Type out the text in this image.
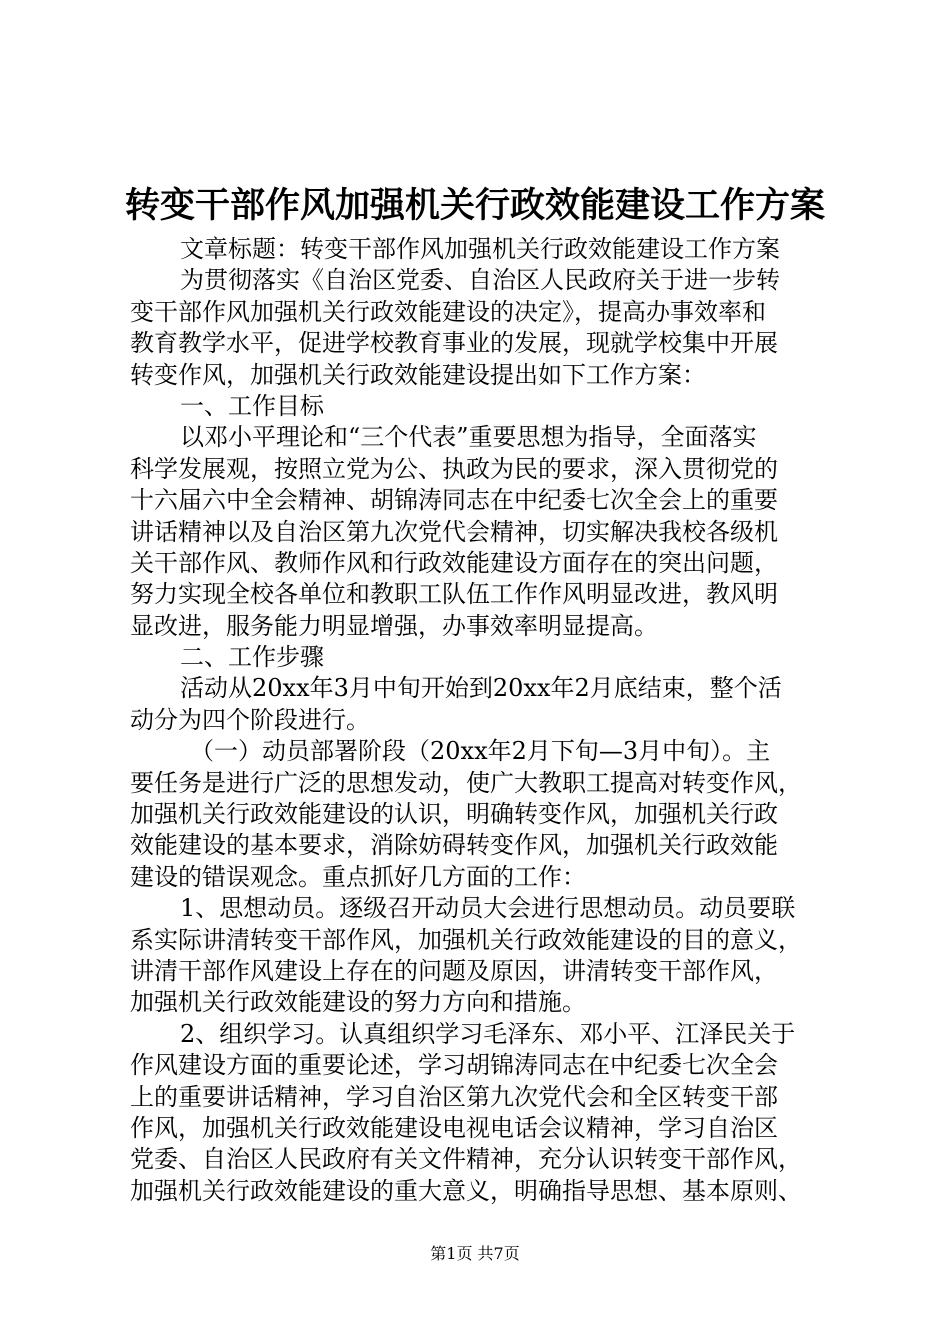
转变干部作风加强机关行政效能建设工作方案
文章标题：转变干部作风加强机关行政效能建设工作方案
为贯彻落实《自治区党委、自治区人民政府关于进一步转
变干部作风加强机关行政效能建设的决定》，提高办事效率和
教育教学水平，促进学校教育事业的发展，现就学校集中开展
转变作风，加强机关行政效能建设提出如下工作方案：
一、工作目标
以邓小平理论和“三个代表”重要思想为指导，全面落实
科学发展观，按照立党为公、执政为民的要求，深入贯彻党的
十六届六中全会精神、胡锦涛同志在中纪委七次全会上的重要
讲话精神以及自治区第九次党代会精神，切实解决我校各级机
关干部作风、教师作风和行政效能建设方面存在的突出问题，
努力实现全校各单位和教职工队伍工作作风明显改进，教风明
显改进，服务能力明显增强，办事效率明显提高。
二、工作步骤
活动从20xx年3月中旬开始到20xx年2月底结束，整个活
动分为四个阶段进行。
（一）动员部署阶段（20xx年2月下旬—3月中旬）。主
要任务是进行广泛的思想发动，使广大教职工提高对转变作风，
加强机关行政效能建设的认识，明确转变作风，加强机关行政
效能建设的基本要求，消除妨碍转变作风，加强机关行政效能
建设的错误观念。重点抓好几方面的工作：
1、思想动员。逐级召开动员大会进行思想动员。动员要联
系实际讲清转变干部作风，加强机关行政效能建设的目的意义，
讲清干部作风建设上存在的问题及原因，讲清转变干部作风，
加强机关行政效能建设的努力方向和措施。
2、组织学习。认真组织学习毛泽东、邓小平、江泽民关于
作风建设方面的重要论述，学习胡锦涛同志在中纪委七次全会
上的重要讲话精神，学习自治区第九次党代会和全区转变干部
作风，加强机关行政效能建设电视电话会议精神，学习自治区
党委、自治区人民政府有关文件精神，充分认识转变干部作风，
加强机关行政效能建设的重大意义，明确指导思想、基本原则、
第1页 共7页
